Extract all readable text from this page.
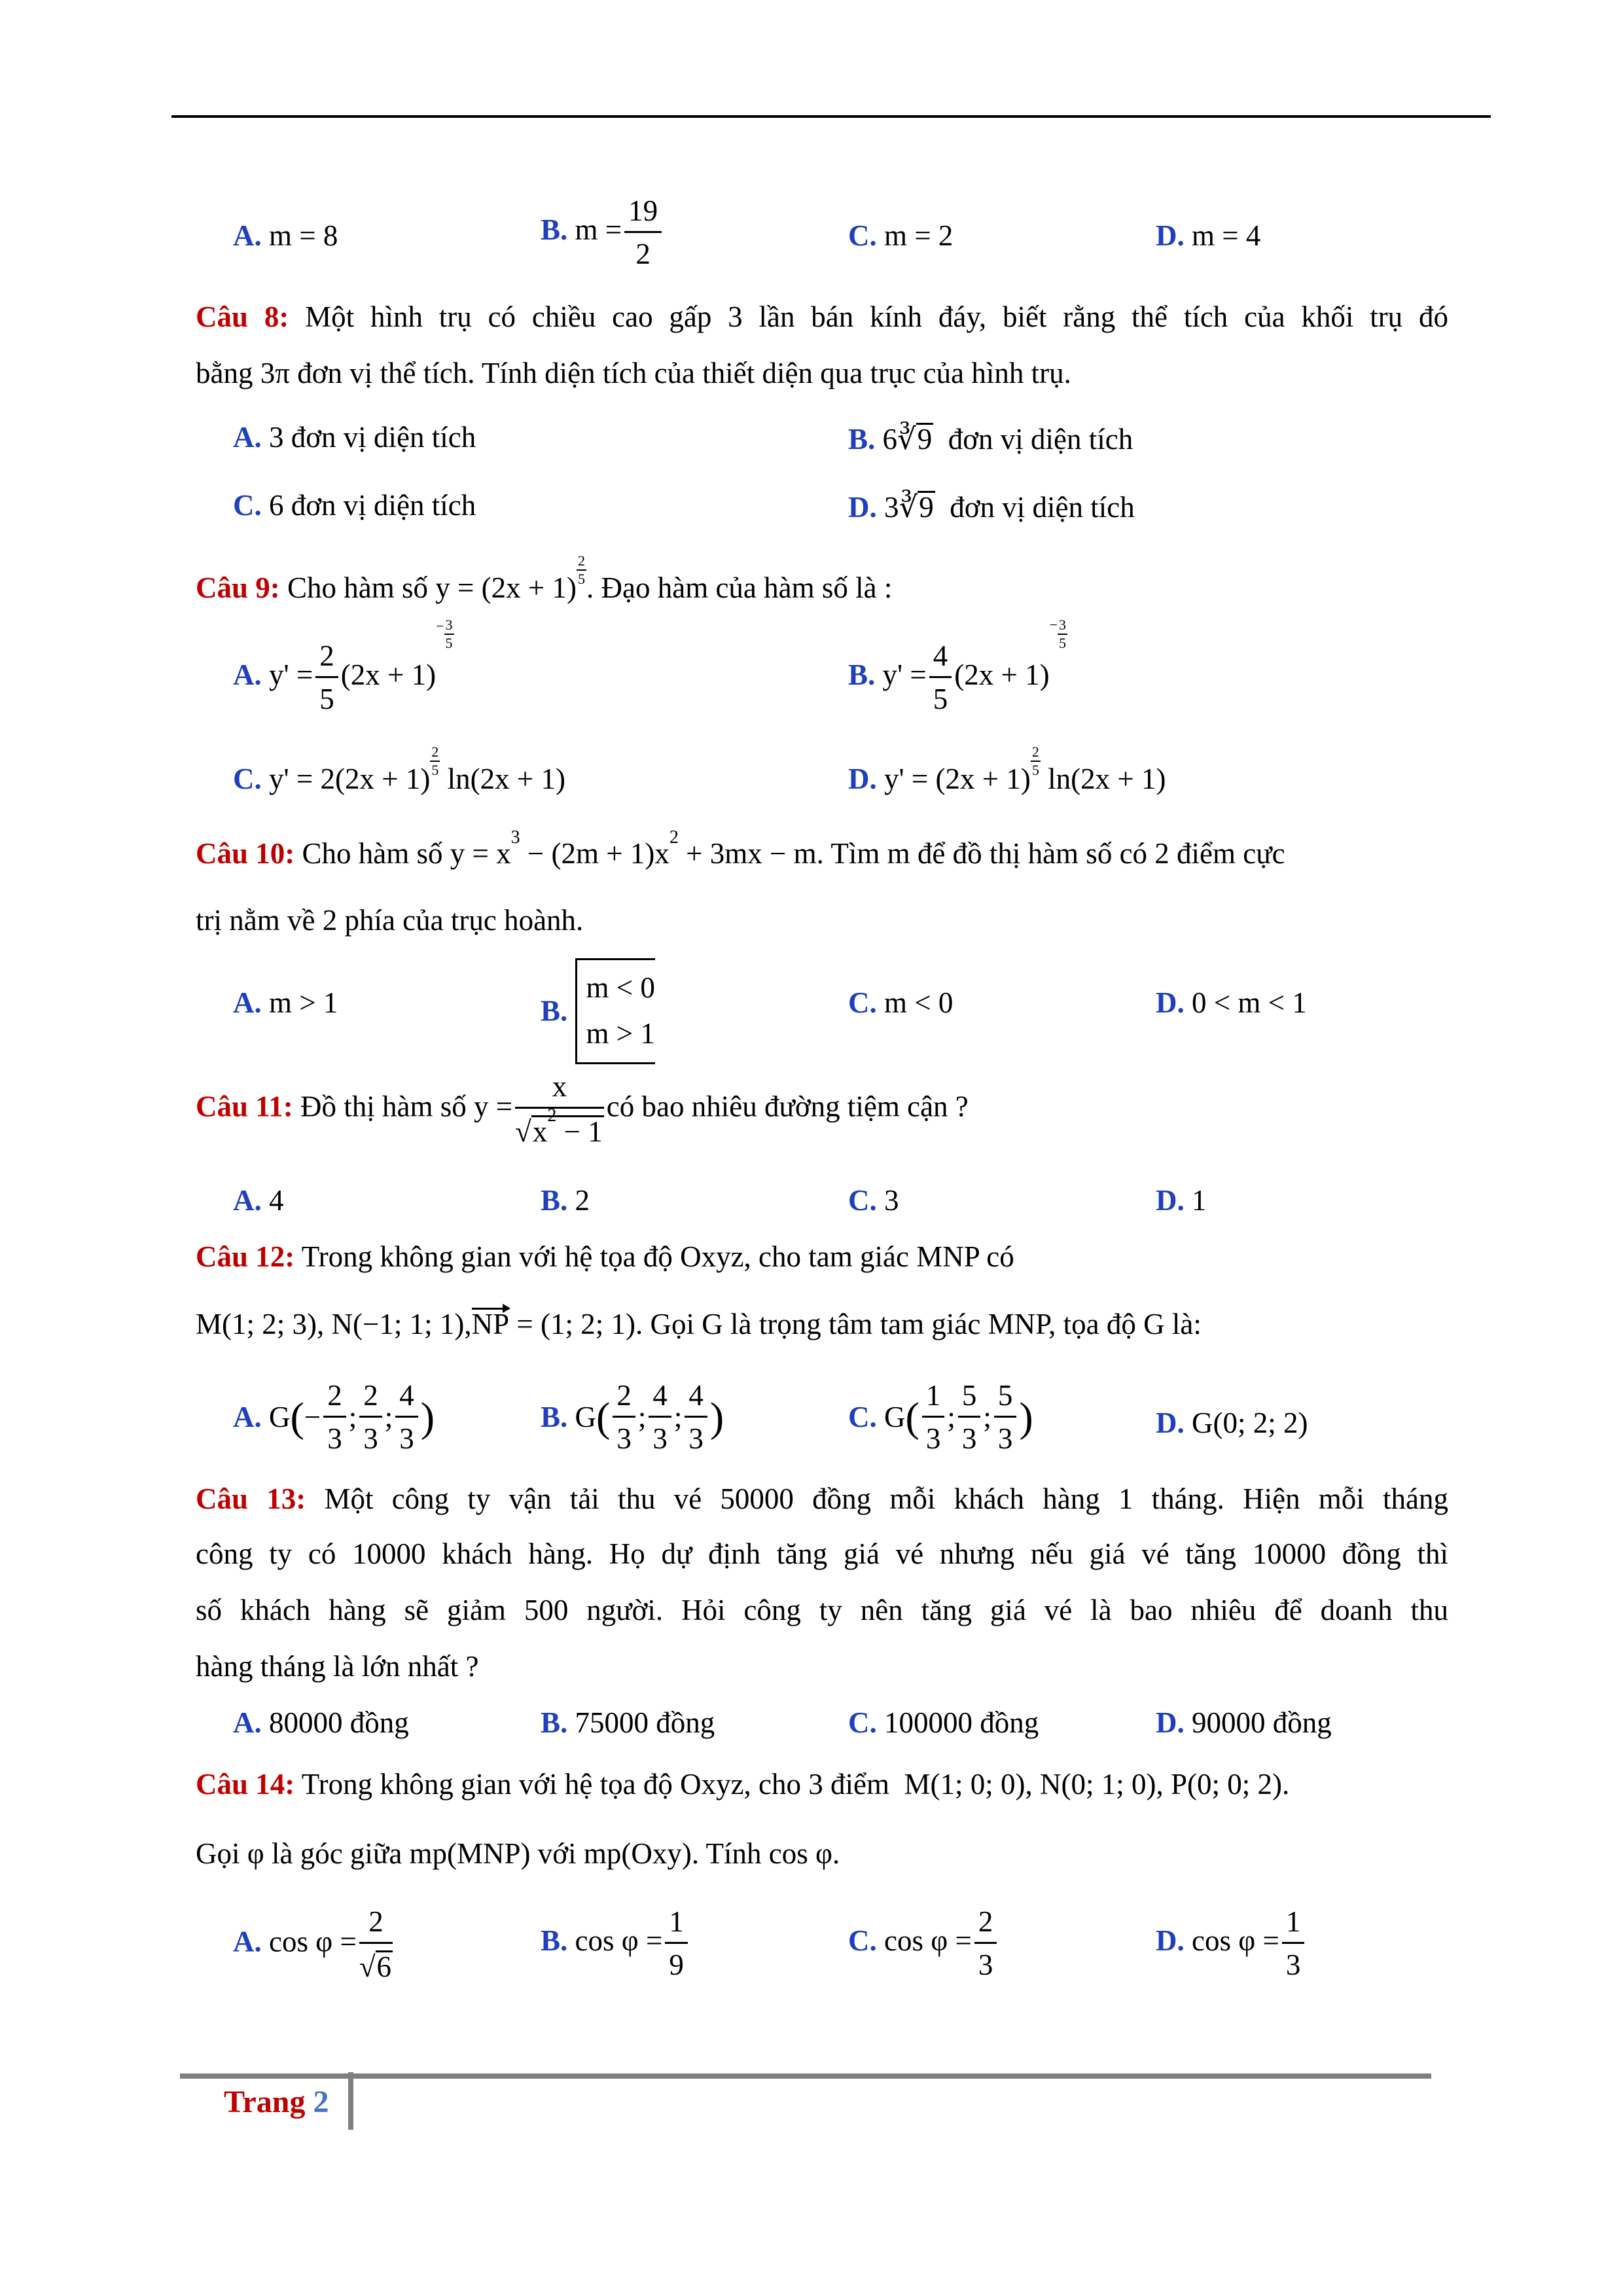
A. m = 8	B. $m = \frac{19}{2}$	C. m = 2	D. m = 4
Câu 8: Một hình trụ có chiều cao gấp 3 lần bán kính đáy, biết rằng thể tích của khối trụ đó
bằng 3π đơn vị thể tích. Tính diện tích của thiết diện qua trục của hình trụ.
A. 3 đơn vị diện tích	B. 6∛9 đơn vị diện tích
C. 6 đơn vị diện tích	D. 3∛9 đơn vị diện tích
Câu 9: Cho hàm số y = (2x + 1)
$\frac{2}{5}$
. Đạo hàm của hàm số là :
A. $y' = \frac{2}{5} (2x + 1)- \frac{3}{5}$
B. $y' = \frac{4}{5} (2x + 1)- \frac{3}{5}$
C. y' = 2(2x + 1)
$\frac{2}{5}$
ln(2x + 1)	D. y' = (2x + 1)
$\frac{2}{5}$
ln(2x + 1)
Câu 10: Cho hàm số $y = x^3 - (2m + 1)x^2 + 3mx - m$. Tìm m để đồ thị hàm số có 2 điểm cực
trị nằm về 2 phía của trục hoành.
A. m > 1	B.
m < 0
m > 1
C. m < 0	D. 0 < m < 1
Câu 11: Đồ thị hàm số $y = \frac{x}{√x^2 - 1}$ có bao nhiêu đường tiệm cận ?
A. 4	B. 2	C. 3	D. 1
Câu 12: Trong không gian với hệ tọa độ Oxyz, cho tam giác MNP có
M(1; 2; 3), N(−1; 1; 1),NP = (1; 2; 1). Gọi G là trọng tâm tam giác MNP, tọa độ G là:
A. $G(- \frac{2}{3}$ ; $\frac{2}{3}$ ; $\frac{4}{3}$ )	B. $G( \frac{2}{3}$ ; $\frac{4}{3}$ ; $\frac{4}{3}$ )	C. $G( \frac{1}{3}$ ; $\frac{5}{3}$ ; $\frac{5}{3}$ )	D. G(0; 2; 2)
Câu 13: Một công ty vận tải thu vé 50000 đồng mỗi khách hàng 1 tháng. Hiện mỗi tháng
công ty có 10000 khách hàng. Họ dự định tăng giá vé nhưng nếu giá vé tăng 10000 đồng thì
số khách hàng sẽ giảm 500 người. Hỏi công ty nên tăng giá vé là bao nhiêu để doanh thu
hàng tháng là lớn nhất ?
A. 80000 đồng	B. 75000 đồng	C. 100000 đồng	D. 90000 đồng
Câu 14: Trong không gian với hệ tọa độ Oxyz, cho 3 điểm M(1; 0; 0), N(0; 1; 0), P(0; 0; 2).
Gọi φ là góc giữa mp(MNP) với mp(Oxy). Tính cos φ.
A. $\cos \varphi = \frac{2}{√6}$	B. $\cos \varphi = \frac{1}{9}$	C. $\cos \varphi = \frac{2}{3}$	D. $\cos \varphi = \frac{1}{3}$
Trang 2
